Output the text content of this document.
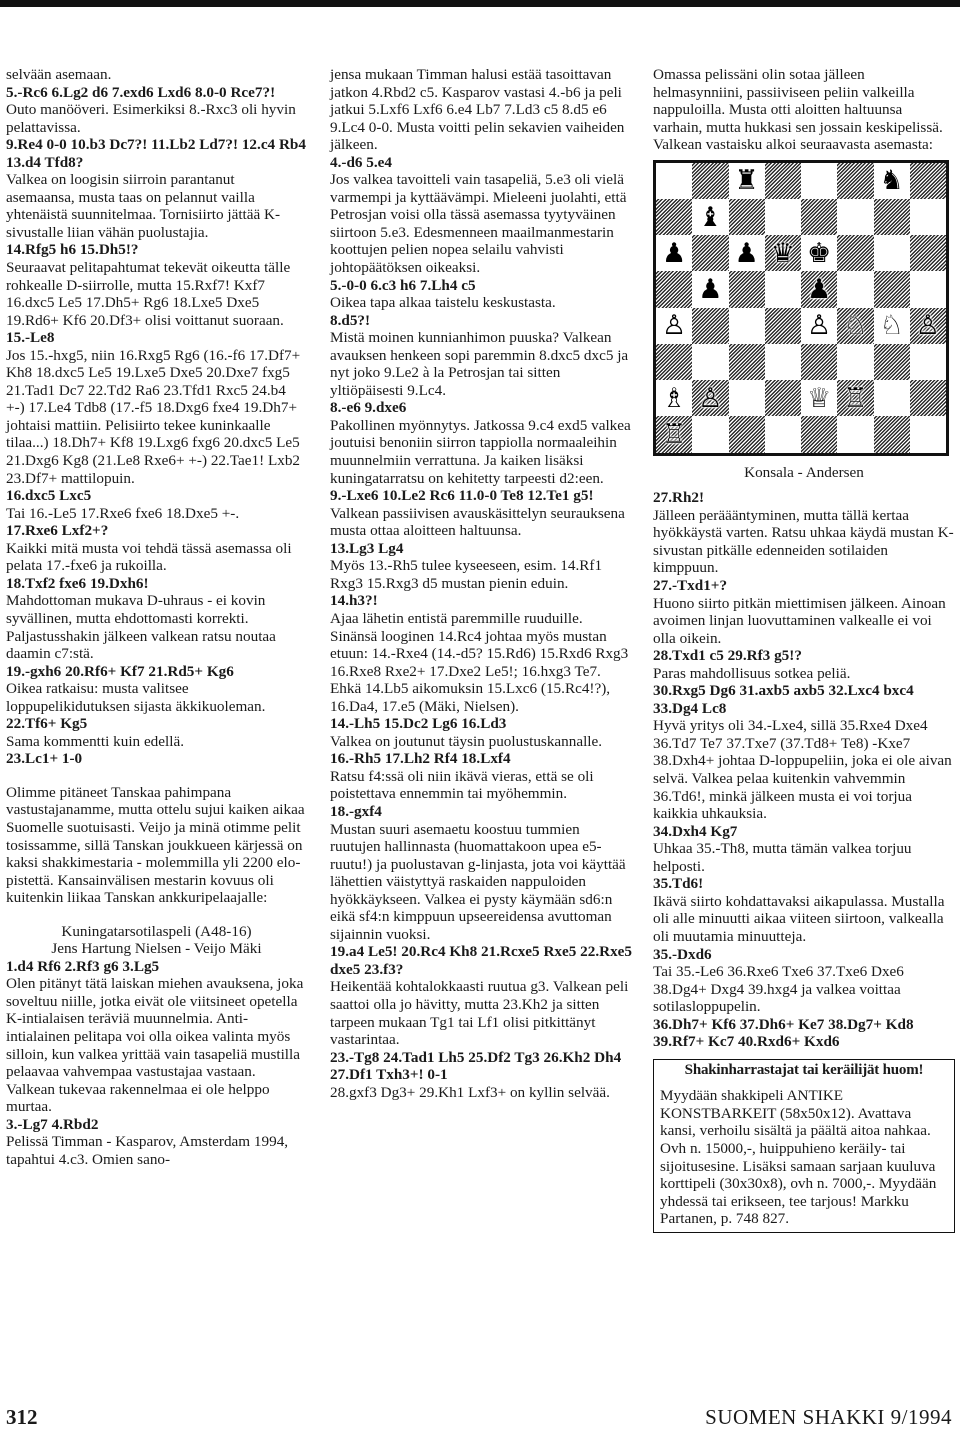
selvään asemaan.

5.-Rc6 6.Lg2 d6 7.exd6 Lxd6 8.0-0 Rce7?!

Outo manööveri. Esimerkiksi 8.-Rxc3 oli hyvin pelattavissa.

9.Re4 0-0 10.b3 Dc7?! 11.Lb2 Ld7?! 12.c4 Rb4 13.d4 Tfd8?

Valkea on loogisin siirroin parantanut asemaansa, musta taas on pelannut vailla yhtenäistä suunnitelmaa. Tornisiirto jättää K-sivustalle liian vähän puolustajia.

14.Rfg5 h6 15.Dh5!?

Seuraavat pelitapahtumat tekevät oikeutta tälle rohkealle D-siirrolle, mutta 15.Rxf7! Kxf7 16.dxc5 Le5 17.Dh5+ Rg6 18.Lxe5 Dxe5 19.Rd6+ Kf6 20.Df3+ olisi voittanut suoraan.

15.-Le8

Jos 15.-hxg5, niin 16.Rxg5 Rg6 (16.-f6 17.Df7+ Kh8 18.dxc5 Le5 19.Lxe5 Dxe5 20.Dxe7 fxg5 21.Tad1 Dc7 22.Td2 Ra6 23.Tfd1 Rxc5 24.b4 +-) 17.Le4 Tdb8 (17.-f5 18.Dxg6 fxe4 19.Dh7+ johtaisi mattiin. Pelisiirto tekee kuninkaalle tilaa...) 18.Dh7+ Kf8 19.Lxg6 fxg6 20.dxc5 Le5 21.Dxg6 Kg8 (21.Le8 Rxe6+ +-) 22.Tae1! Lxb2 23.Df7+ mattilopuin.

16.dxc5 Lxc5

Tai 16.-Le5 17.Rxe6 fxe6 18.Dxe5 +-.

17.Rxe6 Lxf2+?

Kaikki mitä musta voi tehdä tässä asemassa oli pelata 17.-fxe6 ja rukoilla.

18.Txf2 fxe6 19.Dxh6!

Mahdottoman mukava D-uhraus - ei kovin syvällinen, mutta ehdottomasti korrekti. Paljastusshakin jälkeen valkean ratsu noutaa daamin c7:stä.

19.-gxh6 20.Rf6+ Kf7 21.Rd5+ Kg6

Oikea ratkaisu: musta valitsee loppupelikidutuksen sijasta äkkikuoleman.

22.Tf6+ Kg5

Sama kommentti kuin edellä.

23.Lc1+ 1-0

Olimme pitäneet Tanskaa pahimpana vastustajanamme, mutta ottelu sujui kaiken aikaa Suomelle suotuisasti. Veijo ja minä otimme pelit tosissamme, sillä Tanskan joukkueen kärjessä on kaksi shakkimestaria - molemmilla yli 2200 elo-pistettä. Kansainvälisen mestarin kovuus oli kuitenkin liikaa Tanskan ankkuripelaajalle:

Kuningatarsotilaspeli (A48-16)

Jens Hartung Nielsen - Veijo Mäki

1.d4 Rf6 2.Rf3 g6 3.Lg5

Olen pitänyt tätä laiskan miehen avauksena, joka soveltuu niille, jotka eivät ole viitsineet opetella K-intialaisen teräviä muunnelmia. Anti-intialainen pelitapa voi olla oikea valinta myös silloin, kun valkea yrittää vain tasapeliä mustilla pelaavaa vahvempaa vastustajaa vastaan. Valkean tukevaa rakennelmaa ei ole helppo murtaa.

3.-Lg7 4.Rbd2

Pelissä Timman - Kasparov, Amsterdam 1994, tapahtui 4.c3. Omien sano-

jensa mukaan Timman halusi estää tasoittavan jatkon 4.Rbd2 c5. Kasparov vastasi 4.-b6 ja peli jatkui 5.Lxf6 Lxf6 6.e4 Lb7 7.Ld3 c5 8.d5 e6 9.Lc4 0-0. Musta voitti pelin sekavien vaiheiden jälkeen.

4.-d6 5.e4

Jos valkea tavoitteli vain tasapeliä, 5.e3 oli vielä varmempi ja kyttäävämpi. Mieleeni juolahti, että Petrosjan voisi olla tässä asemassa tyytyväinen siirtoon 5.e3. Edesmenneen maailmanmestarin koottujen pelien nopea selailu vahvisti johtopäätöksen oikeaksi.

5.-0-0 6.c3 h6 7.Lh4 c5

Oikea tapa alkaa taistelu keskustasta.

8.d5?!

Mistä moinen kunnianhimon puuska? Valkean avauksen henkeen sopi paremmin 8.dxc5 dxc5 ja nyt joko 9.Le2 à la Petrosjan tai sitten yltiöpäisesti 9.Lc4.

8.-e6 9.dxe6

Pakollinen myönnytys. Jatkossa 9.c4 exd5 valkea joutuisi benoniin siirron tappiolla normaaleihin muunnelmiin verrattuna. Ja kaiken lisäksi kuningatarratsu on kehitetty tarpeesti d2:een.

9.-Lxe6 10.Le2 Rc6 11.0-0 Te8 12.Te1 g5!

Valkean passiivisen avauskäsittelyn seurauksena musta ottaa aloitteen haltuunsa.

13.Lg3 Lg4

Myös 13.-Rh5 tulee kyseeseen, esim. 14.Rf1 Rxg3 15.Rxg3 d5 mustan pienin eduin.

14.h3?!

Ajaa lähetin entistä paremmille ruuduille. Sinänsä looginen 14.Rc4 johtaa myös mustan etuun: 14.-Rxe4 (14.-d5? 15.Rd6) 15.Rxd6 Rxg3 16.Rxe8 Rxe2+ 17.Dxe2 Le5!; 16.hxg3 Te7. Ehkä 14.Lb5 aikomuksin 15.Lxc6 (15.Rc4!?), 16.Da4, 17.e5 (Mäki, Nielsen).

14.-Lh5 15.Dc2 Lg6 16.Ld3

Valkea on joutunut täysin puolustuskannalle.

16.-Rh5 17.Lh2 Rf4 18.Lxf4

Ratsu f4:ssä oli niin ikävä vieras, että se oli poistettava ennemmin tai myöhemmin.

18.-gxf4

Mustan suuri asemaetu koostuu tummien ruutujen hallinnasta (huomattakoon upea e5-ruutu!) ja puolustavan g-linjasta, jota voi käyttää lähettien väistyttyä raskaiden nappuloiden hyökkäykseen. Valkea ei pysty käymään sd6:n eikä sf4:n kimppuun upseereidensa avuttoman sijainnin vuoksi.

19.a4 Le5! 20.Rc4 Kh8 21.Rcxe5 Rxe5 22.Rxe5 dxe5 23.f3?

Heikentää kohtalokkaasti ruutua g3. Valkean peli saattoi olla jo hävitty, mutta 23.Kh2 ja sitten tarpeen mukaan Tg1 tai Lf1 olisi pitkittänyt vastarintaa.

23.-Tg8 24.Tad1 Lh5 25.Df2 Tg3 26.Kh2 Dh4 27.Df1 Txh3+! 0-1

28.gxf3 Dg3+ 29.Kh1 Lxf3+ on kyllin selvää.

Omassa pelissäni olin sotaa jälleen helmasynniini, passiiviseen peliin valkeilla nappuloilla. Musta otti aloitten haltuunsa varhain, mutta hukkasi sen jossain keskipelissä. Valkean vastaisku alkoi seuraavasta asemasta:

♜	♞
♝
♟ ♟ ♛ ♚
♟	♟
♙	♙ ♘ ♘ ♙
♗ ♙	♕ ♖
♖
Konsala - Andersen

27.Rh2!

Jälleen peräääntyminen, mutta tällä kertaa hyökkäystä varten. Ratsu uhkaa käydä mustan K-sivustan pitkälle edenneiden sotilaiden kimppuun.

27.-Txd1+?

Huono siirto pitkän miettimisen jälkeen. Ainoan avoimen linjan luovuttaminen valkealle ei voi olla oikein.

28.Txd1 c5 29.Rf3 g5!?

Paras mahdollisuus sotkea peliä.

30.Rxg5 Dg6 31.axb5 axb5 32.Lxc4 bxc4 33.Dg4 Lc8

Hyvä yritys oli 34.-Lxe4, sillä 35.Rxe4 Dxe4 36.Td7 Te7 37.Txe7 (37.Td8+ Te8) -Kxe7 38.Dxh4+ johtaa D-loppupeliin, joka ei ole aivan selvä. Valkea pelaa kuitenkin vahvemmin 36.Td6!, minkä jälkeen musta ei voi torjua kaikkia uhkauksia.

34.Dxh4 Kg7

Uhkaa 35.-Th8, mutta tämän valkea torjuu helposti.

35.Td6!

Ikävä siirto kohdattavaksi aikapulassa. Mustalla oli alle minuutti aikaa viiteen siirtoon, valkealla oli muutamia minuutteja.

35.-Dxd6

Tai 35.-Le6 36.Rxe6 Txe6 37.Txe6 Dxe6 38.Dg4+ Dxg4 39.hxg4 ja valkea voittaa sotilasloppupelin.

36.Dh7+ Kf6 37.Dh6+ Ke7 38.Dg7+ Kd8 39.Rf7+ Kc7 40.Rxd6+ Kxd6

Shakinharrastajat tai keräilijät huom!

Myydään shakkipeli ANTIKE KONSTBARKEIT (58x50x12). Avattava kansi, verhoilu sisältä ja päältä aitoa nahkaa. Ovh n. 15000,-, huippuhieno keräily- tai sijoitusesine. Lisäksi samaan sarjaan kuuluva korttipeli (30x30x8), ovh n. 7000,-. Myydään yhdessä tai erikseen, tee tarjous! Markku Partanen, p. 748 827.

312	SUOMEN SHAKKI 9/1994
